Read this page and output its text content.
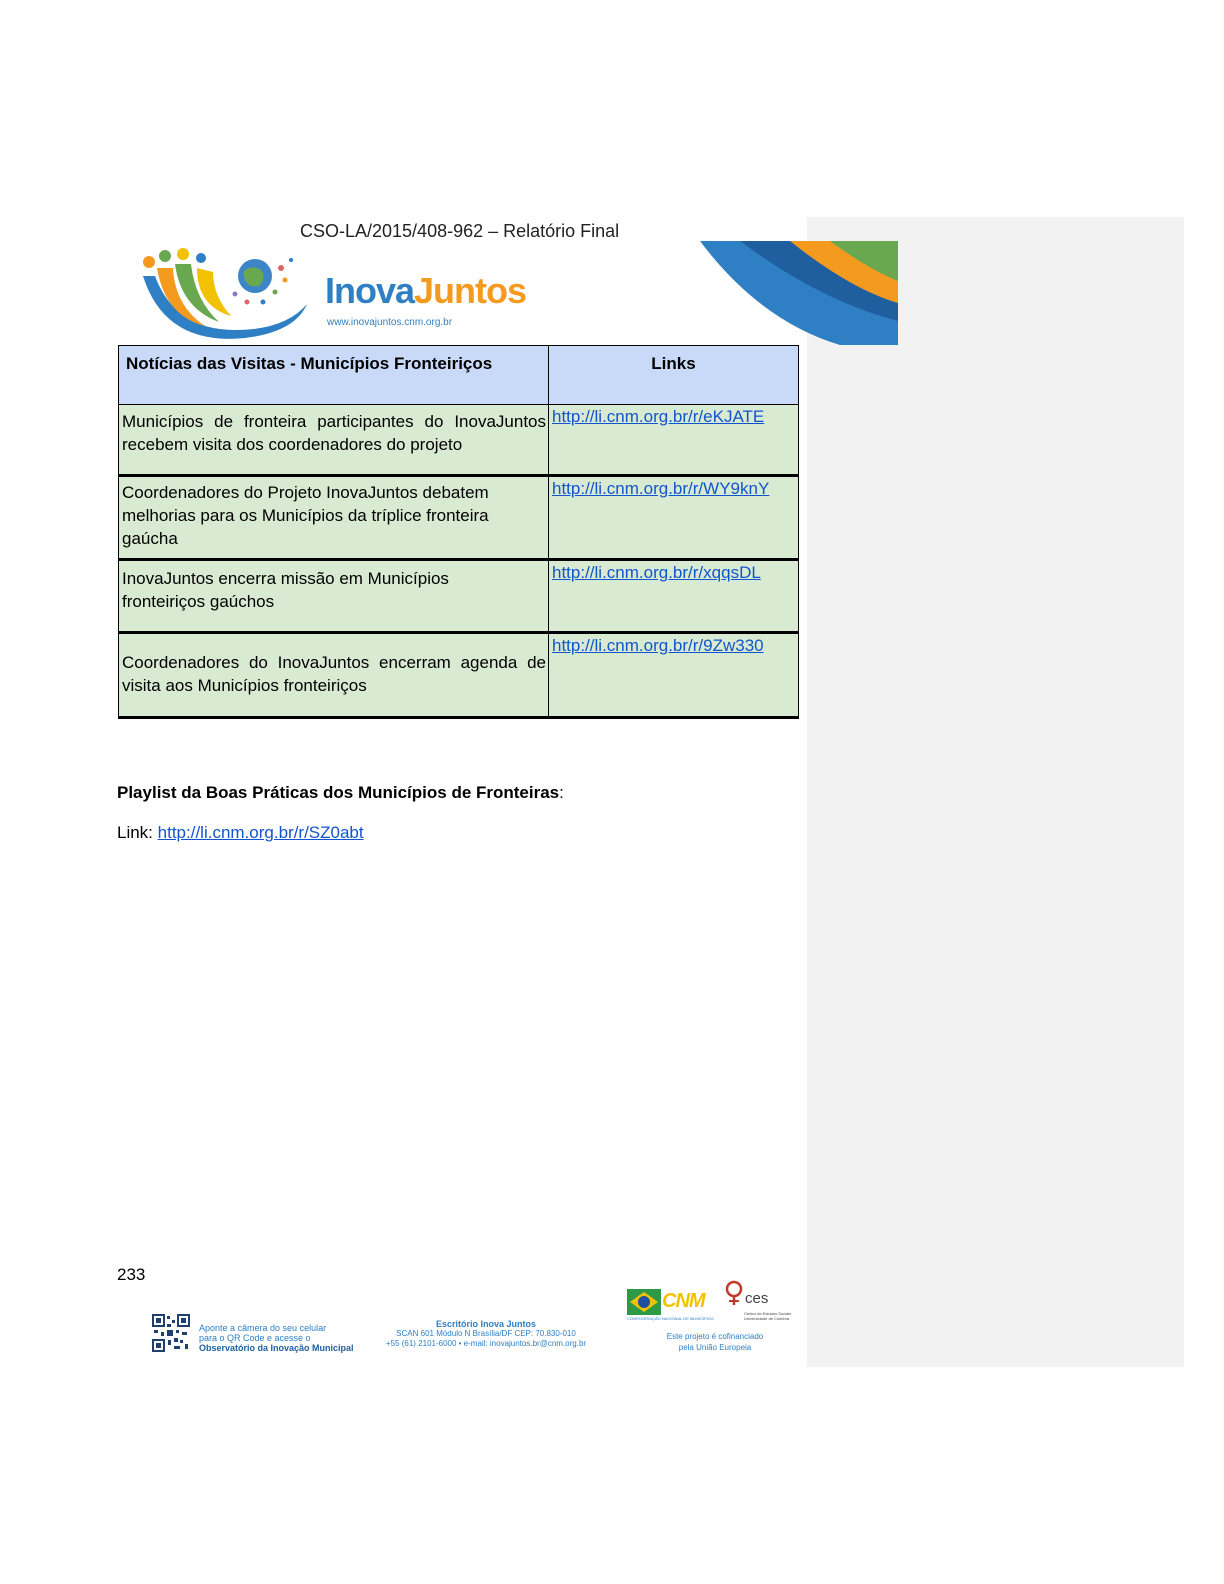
CSO-LA/2015/408-962 – Relatório Final
InovaJuntos
www.inovajuntos.cnm.org.br
Notícias das Visitas - Municípios Fronteiriços	Links

Municípios de fronteira participantes do InovaJuntos
recebem visita dos coordenadores do projeto	http://li.cnm.org.br/r/eKJATE

Coordenadores do Projeto InovaJuntos debatem melhorias para os Municípios da tríplice fronteira gaúcha	http://li.cnm.org.br/r/WY9knY

InovaJuntos encerra missão em Municípios fronteiriços gaúchos	http://li.cnm.org.br/r/xqqsDL

Coordenadores do InovaJuntos encerram agenda de
visita aos Municípios fronteiriços	http://li.cnm.org.br/r/9Zw330
Playlist da Boas Práticas dos Municípios de Fronteiras:
Link: http://li.cnm.org.br/r/SZ0abt
233
Aponte a câmera do seu celular
para o QR Code e acesse o
Observatório da Inovação Municipal
Escritório Inova Juntos
SCAN 601 Módulo N Brasília/DF CEP: 70.830-010
+55 (61) 2101-6000 • e-mail: inovajuntos.br@cnm.org.br
CNM
CONFEDERAÇÃO NACIONAL DE MUNICÍPIOS
ces
Centro de Estudos Sociais
Universidade de Coimbra
Este projeto é cofinanciado
pela União Europeia
